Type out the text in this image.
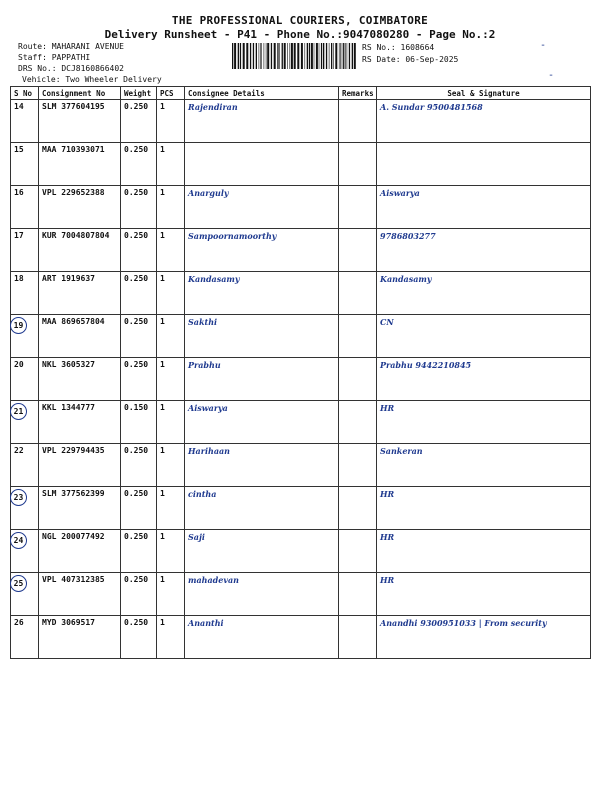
THE PROFESSIONAL COURIERS, COIMBATORE
Delivery Runsheet - P41 - Phone No.:9047080280 - Page No.:2
Route: MAHARANI AVENUE
Staff: PAPPATHI
DRS No.: DCJ8160866402
Vehicle: Two Wheeler Delivery
RS No.: 1608664
RS Date: 06-Sep-2025
-
-
S No	Consignment No	Weight	PCS	Consignee Details	Remarks	Seal & Signature
14	SLM 377604195	0.250	1	Rajendiran		A. Sundar 9500481568
15	MAA 710393071	0.250	1			
16	VPL 229652388	0.250	1	Anarguly		Aiswarya
17	KUR 7004807804	0.250	1	Sampoornamoorthy		9786803277
18	ART 1919637	0.250	1	Kandasamy		Kandasamy
19	MAA 869657804	0.250	1	Sakthi		CN
20	NKL 3605327	0.250	1	Prabhu		Prabhu 9442210845
21	KKL 1344777	0.150	1	Aiswarya		HR
22	VPL 229794435	0.250	1	Harihaan		Sankeran
23	SLM 377562399	0.250	1	cintha		HR
24	NGL 200077492	0.250	1	Saji		HR
25	VPL 407312385	0.250	1	mahadevan		HR
26	MYD 3069517	0.250	1	Ananthi		Anandhi 9300951033 | From security
